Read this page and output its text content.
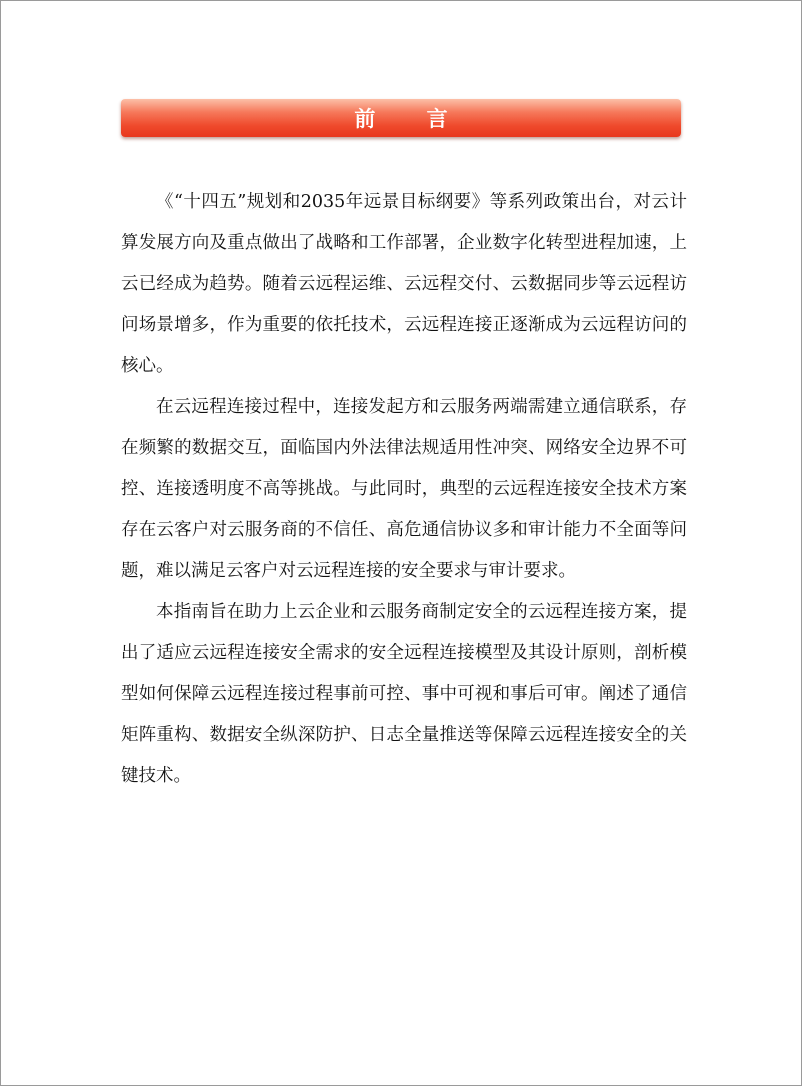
前 言

《“十四五”规划和2035年远景目标纲要》等系列政策出台，对云计算发展方向及重点做出了战略和工作部署，企业数字化转型进程加速，上云已经成为趋势。随着云远程运维、云远程交付、云数据同步等云远程访问场景增多，作为重要的依托技术，云远程连接正逐渐成为云远程访问的核心。

在云远程连接过程中，连接发起方和云服务两端需建立通信联系，存在频繁的数据交互，面临国内外法律法规适用性冲突、网络安全边界不可控、连接透明度不高等挑战。与此同时，典型的云远程连接安全技术方案存在云客户对云服务商的不信任、高危通信协议多和审计能力不全面等问题，难以满足云客户对云远程连接的安全要求与审计要求。

本指南旨在助力上云企业和云服务商制定安全的云远程连接方案，提出了适应云远程连接安全需求的安全远程连接模型及其设计原则，剖析模型如何保障云远程连接过程事前可控、事中可视和事后可审。阐述了通信矩阵重构、数据安全纵深防护、日志全量推送等保障云远程连接安全的关键技术。
